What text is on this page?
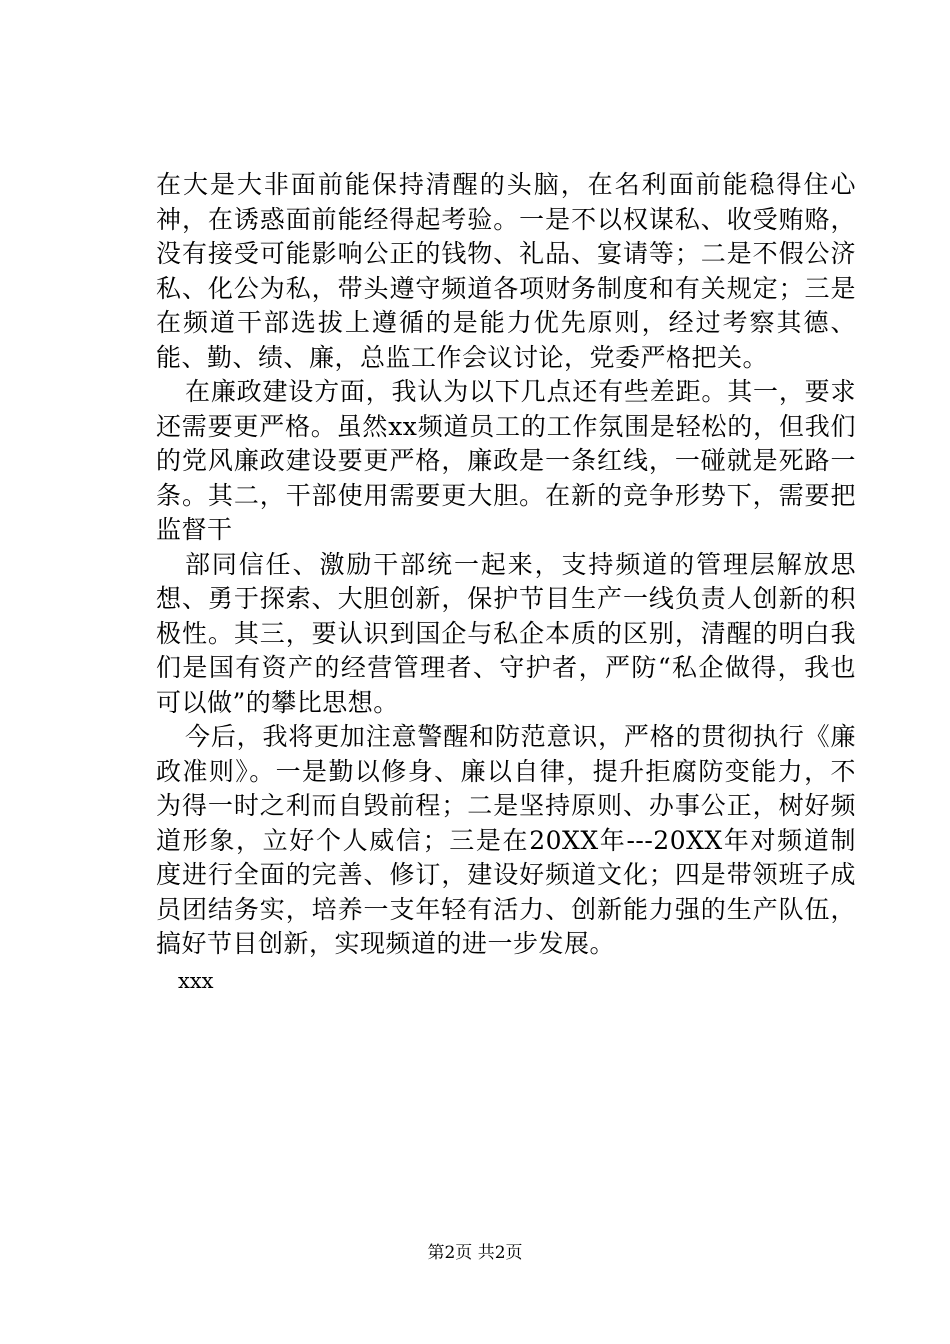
在大是大非面前能保持清醒的头脑，在名利面前能稳得住心神，在诱惑面前能经得起考验。一是不以权谋私、收受贿赂，没有接受可能影响公正的钱物、礼品、宴请等；二是不假公济私、化公为私，带头遵守频道各项财务制度和有关规定；三是在频道干部选拔上遵循的是能力优先原则，经过考察其德、能、勤、绩、廉，总监工作会议讨论，党委严格把关。

在廉政建设方面，我认为以下几点还有些差距。其一，要求还需要更严格。虽然xx频道员工的工作氛围是轻松的，但我们的党风廉政建设要更严格，廉政是一条红线，一碰就是死路一条。其二，干部使用需要更大胆。在新的竞争形势下，需要把监督干

部同信任、激励干部统一起来，支持频道的管理层解放思想、勇于探索、大胆创新，保护节目生产一线负责人创新的积极性。其三，要认识到国企与私企本质的区别，清醒的明白我们是国有资产的经营管理者、守护者，严防“私企做得，我也可以做”的攀比思想。

今后，我将更加注意警醒和防范意识，严格的贯彻执行《廉政准则》。一是勤以修身、廉以自律，提升拒腐防变能力，不为得一时之利而自毁前程；二是坚持原则、办事公正，树好频道形象，立好个人威信；三是在20XX年---20XX年对频道制度进行全面的完善、修订，建设好频道文化；四是带领班子成员团结务实，培养一支年轻有活力、创新能力强的生产队伍，搞好节目创新，实现频道的进一步发展。

xxx

第2页 共2页
